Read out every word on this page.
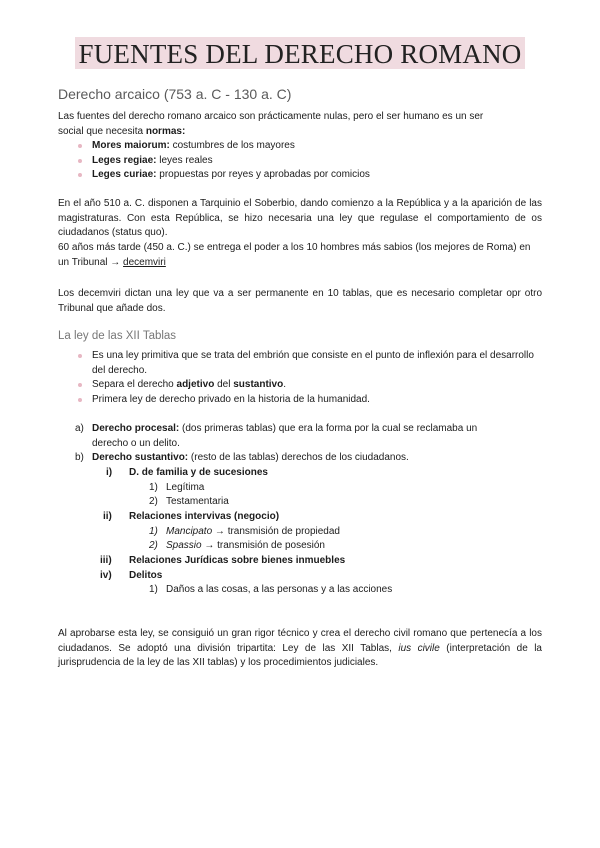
FUENTES DEL DERECHO ROMANO
Derecho arcaico (753 a. C - 130 a. C)
Las fuentes del derecho romano arcaico son prácticamente nulas, pero el ser humano es un ser
social que necesita normas:
Mores maiorum: costumbres de los mayores
Leges regiae: leyes reales
Leges curiae: propuestas por reyes y aprobadas por comicios
En el año 510 a. C. disponen a Tarquinio el Soberbio, dando comienzo a la República y a la aparición de las magistraturas. Con esta República, se hizo necesaria una ley que regulase el comportamiento de os ciudadanos (status quo).
60 años más tarde (450 a. C.) se entrega el poder a los 10 hombres más sabios (los mejores de Roma) en un Tribunal → decemviri
Los decemviri dictan una ley que va a ser permanente en 10 tablas, que es necesario completar opr otro Tribunal que añade dos.
La ley de las XII Tablas
Es una ley primitiva que se trata del embrión que consiste en el punto de inflexión para el desarrollo del derecho.
Separa el derecho adjetivo del sustantivo.
Primera ley de derecho privado en la historia de la humanidad.
a) Derecho procesal: (dos primeras tablas) que era la forma por la cual se reclamaba un
derecho o un delito.
b) Derecho sustantivo: (resto de las tablas) derechos de los ciudadanos.
i) D. de familia y de sucesiones
1) Legítima
2) Testamentaria
ii) Relaciones intervivas (negocio)
1) Mancipato → transmisión de propiedad
2) Spassio → transmisión de posesión
iii) Relaciones Jurídicas sobre bienes inmuebles
iv) Delitos
1) Daños a las cosas, a las personas y a las acciones
Al aprobarse esta ley, se consiguió un gran rigor técnico y crea el derecho civil romano que pertenecía a los ciudadanos. Se adoptó una división tripartita: Ley de las XII Tablas, ius civile (interpretación de la jurisprudencia de la ley de las XII tablas) y los procedimientos judiciales.
